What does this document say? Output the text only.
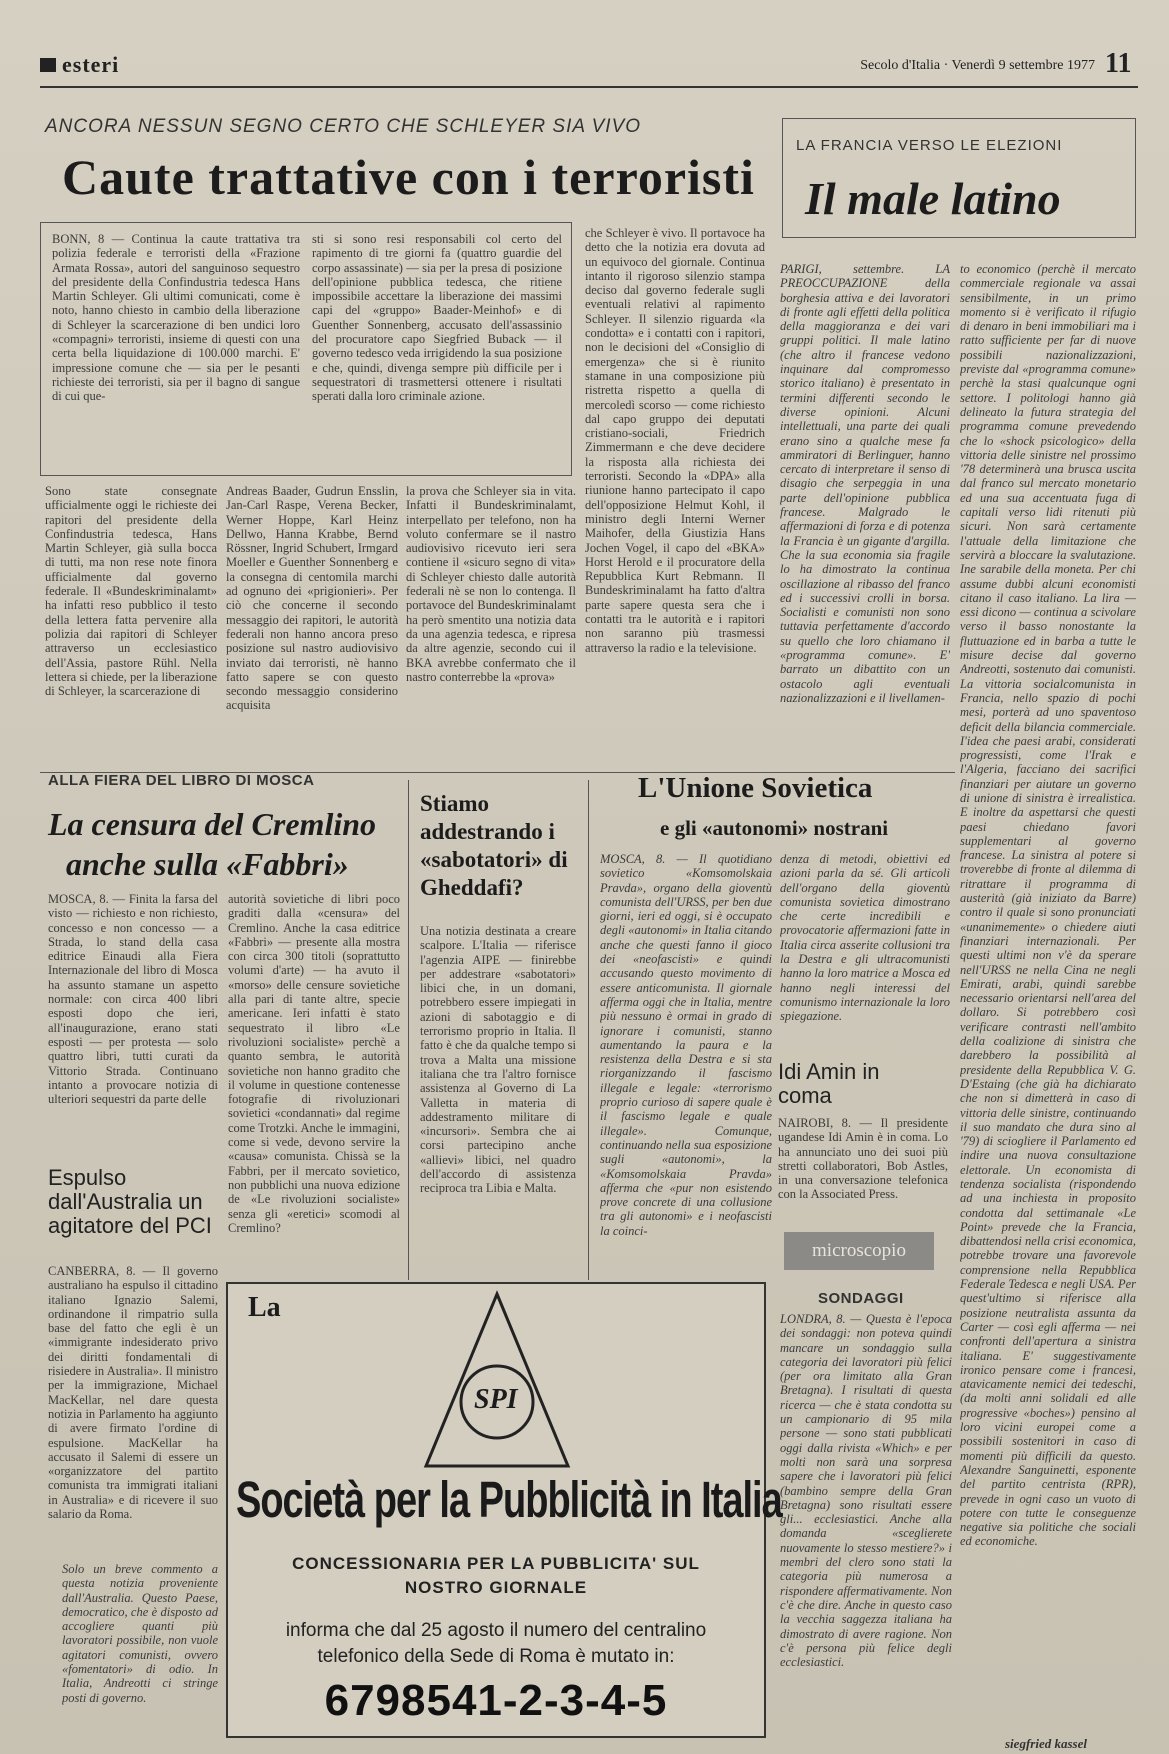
esteri	Secolo d'Italia · Venerdì 9 settembre 1977 11
ANCORA NESSUN SEGNO CERTO CHE SCHLEYER SIA VIVO
Caute trattative con i terroristi
BONN, 8 — Continua la caute trattativa tra polizia federale e terroristi della «Frazione Armata Rossa», autori del sanguinoso sequestro del presidente della Confindustria tedesca Hans Martin Schleyer. Gli ultimi comunicati, come è noto, hanno chiesto in cambio della liberazione di Schleyer la scarcerazione di ben undici loro «compagni» terroristi, insieme di questi con una certa bella liquidazione di 100.000 marchi. E' impressione comune che — sia per le pesanti richieste dei terroristi, sia per il bagno di sangue di cui que-
sti si sono resi responsabili col certo del rapimento di tre giorni fa (quattro guardie del corpo assassinate) — sia per la presa di posizione dell'opinione pubblica tedesca, che ritiene impossibile accettare la liberazione dei massimi capi del «gruppo» Baader-Meinhof» e di Guenther Sonnenberg, accusato dell'assassinio del procuratore capo Siegfried Buback — il governo tedesco veda irrigidendo la sua posizione e che, quindi, divenga sempre più difficile per i sequestratori di trasmettersi ottenere i risultati sperati dalla loro criminale azione.
che Schleyer è vivo. Il portavoce ha detto che la notizia era dovuta ad un equivoco del giornale. Continua intanto il rigoroso silenzio stampa deciso dal governo federale sugli eventuali relativi al rapimento Schleyer. Il silenzio riguarda «la condotta» e i contatti con i rapitori, non le decisioni del «Consiglio di emergenza» che si è riunito stamane in una composizione più ristretta rispetto a quella di mercoledì scorso — come richiesto dal capo gruppo dei deputati cristiano-sociali, Friedrich Zimmermann e che deve decidere la risposta alla richiesta dei terroristi. Secondo la «DPA» alla riunione hanno partecipato il capo dell'opposizione Helmut Kohl, il ministro degli Interni Werner Maihofer, della Giustizia Hans Jochen Vogel, il capo del «BKA» Horst Herold e il procuratore della Repubblica Kurt Rebmann. Il Bundeskriminalamt ha fatto d'altra parte sapere questa sera che i contatti tra le autorità e i rapitori non saranno più trasmessi attraverso la radio e la televisione.
Sono state consegnate ufficialmente oggi le richieste dei rapitori del presidente della Confindustria tedesca, Hans Martin Schleyer, già sulla bocca di tutti, ma non rese note finora ufficialmente dal governo federale. Il «Bundeskriminalamt» ha infatti reso pubblico il testo della lettera fatta pervenire alla polizia dai rapitori di Schleyer attraverso un ecclesiastico dell'Assia, pastore Rühl. Nella lettera si chiede, per la liberazione di Schleyer, la scarcerazione di
Andreas Baader, Gudrun Ensslin, Jan-Carl Raspe, Verena Becker, Werner Hoppe, Karl Heinz Dellwo, Hanna Krabbe, Bernd Rössner, Ingrid Schubert, Irmgard Moeller e Guenther Sonnenberg e la consegna di centomila marchi ad ognuno dei «prigionieri». Per ciò che concerne il secondo messaggio dei rapitori, le autorità federali non hanno ancora preso posizione sul nastro audiovisivo inviato dai terroristi, nè hanno fatto sapere se con questo secondo messaggio considerino acquisita
la prova che Schleyer sia in vita. Infatti il Bundeskriminalamt, interpellato per telefono, non ha voluto confermare se il nastro audiovisivo ricevuto ieri sera contiene il «sicuro segno di vita» di Schleyer chiesto dalle autorità federali nè se non lo contenga. Il portavoce del Bundeskriminalamt ha però smentito una notizia data da una agenzia tedesca, e ripresa da altre agenzie, secondo cui il BKA avrebbe confermato che il nastro conterrebbe la «prova»
LA FRANCIA VERSO LE ELEZIONI
Il male latino
PARIGI, settembre. LA PREOCCUPAZIONE della borghesia attiva e dei lavoratori di fronte agli effetti della politica della maggioranza e dei vari gruppi politici. Il male latino (che altro il francese vedono inquinare dal compromesso storico italiano) è presentato in termini differenti secondo le diverse opinioni. Alcuni intellettuali, una parte dei quali erano sino a qualche mese fa ammiratori di Berlinguer, hanno cercato di interpretare il senso di disagio che serpeggia in una parte dell'opinione pubblica francese. Malgrado le affermazioni di forza e di potenza la Francia è un gigante d'argilla. Che la sua economia sia fragile lo ha dimostrato la continua oscillazione al ribasso del franco ed i successivi crolli in borsa. Socialisti e comunisti non sono tuttavia perfettamente d'accordo su quello che loro chiamano il «programma comune». E' barrato un dibattito con un ostacolo agli eventuali nazionalizzazioni e il livellamen-
to economico (perchè il mercato commerciale regionale va assai sensibilmente, in un primo momento si è verificato il rifugio di denaro in beni immobiliari ma i ratto sufficiente per far di nuove possibili nazionalizzazioni, previste dal «programma comune» perchè la stasi qualcunque ogni settore. I politologi hanno già delineato la futura strategia del programma comune prevedendo che lo «shock psicologico» della vittoria delle sinistre nel prossimo '78 determinerà una brusca uscita dal franco sul mercato monetario ed una sua accentuata fuga di capitali verso lidi ritenuti più sicuri. Non sarà certamente l'attuale della limitazione che servirà a bloccare la svalutazione. Ine sarabile della moneta. Per chi assume dubbi alcuni economisti citano il caso italiano. La lira — essi dicono — continua a scivolare verso il basso nonostante la fluttuazione ed in barba a tutte le misure decise dal governo Andreotti, sostenuto dai comunisti. La vittoria socialcomunista in Francia, nello spazio di pochi mesi, porterà ad uno spaventoso deficit della bilancia commerciale. I'idea che paesi arabi, considerati progressisti, come l'Irak e l'Algeria, facciano dei sacrifici finanziari per aiutare un governo di unione di sinistra è irrealistica. E inoltre da aspettarsi che questi paesi chiedano favori supplementari al governo francese. La sinistra al potere si troverebbe di fronte al dilemma di ritrattare il programma di austerità (già iniziato da Barre) contro il quale si sono pronunciati «unanimemente» o chiedere aiuti finanziari internazionali. Per questi ultimi non v'è da sperare nell'URSS ne nella Cina ne negli Emirati, arabi, quindi sarebbe necessario orientarsi nell'area del dollaro. Si potrebbero così verificare contrasti nell'ambito della coalizione di sinistra che darebbero la possibilità al presidente della Repubblica V. G. D'Estaing (che già ha dichiarato che non si dimetterà in caso di vittoria delle sinistre, continuando il suo mandato che dura sino al '79) di sciogliere il Parlamento ed indire una nuova consultazione elettorale. Un economista di tendenza socialista (rispondendo ad una inchiesta in proposito condotta dal settimanale «Le Point» prevede che la Francia, dibattendosi nella crisi economica, potrebbe trovare una favorevole comprensione nella Repubblica Federale Tedesca e negli USA. Per quest'ultimo si riferisce alla posizione neutralista assunta da Carter — così egli afferma — nei confronti dell'apertura a sinistra italiana. E' suggestivamente ironico pensare come i francesi, atavicamente nemici dei tedeschi, (da molti anni solidali ed alle progressive «boches») pensino al loro vicini europei come a possibili sostenitori in caso di momenti più difficili da questo. Alexandre Sanguinetti, esponente del partito centrista (RPR), prevede in ogni caso un vuoto di potere con tutte le conseguenze negative sia politiche che sociali ed economiche.
siegfried kassel
ALLA FIERA DEL LIBRO DI MOSCA
La censura del Cremlino
anche sulla «Fabbri»
MOSCA, 8. — Finita la farsa del visto — richiesto e non richiesto, concesso e non concesso — a Strada, lo stand della casa editrice Einaudi alla Fiera Internazionale del libro di Mosca ha assunto stamane un aspetto normale: con circa 400 libri esposti dopo che ieri, all'inaugurazione, erano stati esposti — per protesta — solo quattro libri, tutti curati da Vittorio Strada. Continuano intanto a provocare notizia di ulteriori sequestri da parte delle
autorità sovietiche di libri poco graditi dalla «censura» del Cremlino. Anche la casa editrice «Fabbri» — presente alla mostra con circa 300 titoli (soprattutto volumi d'arte) — ha avuto il «morso» delle censure sovietiche alla pari di tante altre, specie americane. Ieri infatti è stato sequestrato il libro «Le rivoluzioni socialiste» perchè a quanto sembra, le autorità sovietiche non hanno gradito che il volume in questione contenesse fotografie di rivoluzionari sovietici «condannati» dal regime come Trotzki. Anche le immagini, come si vede, devono servire la «causa» comunista. Chissà se la Fabbri, per il mercato sovietico, non pubblichi una nuova edizione de «Le rivoluzioni socialiste» senza gli «eretici» scomodi al Cremlino?
Espulso dall'Australia un agitatore del PCI
CANBERRA, 8. — Il governo australiano ha espulso il cittadino italiano Ignazio Salemi, ordinandone il rimpatrio sulla base del fatto che egli è un «immigrante indesiderato privo dei diritti fondamentali di risiedere in Australia». Il ministro per la immigrazione, Michael MacKellar, nel dare questa notizia in Parlamento ha aggiunto di avere firmato l'ordine di espulsione. MacKellar ha accusato il Salemi di essere un «organizzatore del partito comunista tra immigrati italiani in Australia» e di ricevere il suo salario da Roma.
Solo un breve commento a questa notizia proveniente dall'Australia. Questo Paese, democratico, che è disposto ad accogliere quanti più lavoratori possibile, non vuole agitatori comunisti, ovvero «fomentatori» di odio. In Italia, Andreotti ci stringe posti di governo.
Stiamo addestrando i «sabotatori» di Gheddafi?
Una notizia destinata a creare scalpore. L'Italia — riferisce l'agenzia AIPE — finirebbe per addestrare «sabotatori» libici che, in un domani, potrebbero essere impiegati in azioni di sabotaggio e di terrorismo proprio in Italia. Il fatto è che da qualche tempo si trova a Malta una missione italiana che tra l'altro fornisce assistenza al Governo di La Valletta in materia di addestramento militare di «incursori». Sembra che ai corsi partecipino anche «allievi» libici, nel quadro dell'accordo di assistenza reciproca tra Libia e Malta.
L'Unione Sovietica
e gli «autonomi» nostrani
MOSCA, 8. — Il quotidiano sovietico «Komsomolskaia Pravda», organo della gioventù comunista dell'URSS, per ben due giorni, ieri ed oggi, si è occupato degli «autonomi» in Italia citando anche che questi fanno il gioco dei «neofascisti» e quindi accusando questo movimento di essere anticomunista. Il giornale afferma oggi che in Italia, mentre più nessuno è ormai in grado di ignorare i comunisti, stanno aumentando la paura e la resistenza della Destra e si sta riorganizzando il fascismo illegale e legale: «terrorismo proprio curioso di sapere quale è il fascismo legale e quale illegale». Comunque, continuando nella sua esposizione sugli «autonomi», la «Komsomolskaia Pravda» afferma che «pur non esistendo prove concrete di una collusione tra gli autonomi» e i neofascisti la coinci-
denza di metodi, obiettivi ed azioni parla da sé. Gli articoli dell'organo della gioventù comunista sovietica dimostrano che certe incredibili e provocatorie affermazioni fatte in Italia circa asserite collusioni tra la Destra e gli ultracomunisti hanno la loro matrice a Mosca ed hanno negli interessi del comunismo internazionale la loro spiegazione.
Idi Amin in coma
NAIROBI, 8. — Il presidente ugandese Idi Amin è in coma. Lo ha annunciato uno dei suoi più stretti collaboratori, Bob Astles, in una conversazione telefonica con la Associated Press.
microscopio
SONDAGGI
LONDRA, 8. — Questa è l'epoca dei sondaggi: non poteva quindi mancare un sondaggio sulla categoria dei lavoratori più felici (per ora limitato alla Gran Bretagna). I risultati di questa ricerca — che è stata condotta su un campionario di 95 mila persone — sono stati pubblicati oggi dalla rivista «Which» e per molti non sarà una sorpresa sapere che i lavoratori più felici (bambino sempre della Gran Bretagna) sono risultati essere gli... ecclesiastici. Anche alla domanda «sceglierete nuovamente lo stesso mestiere?» i membri del clero sono stati la categoria più numerosa a rispondere affermativamente. Non c'è che dire. Anche in questo caso la vecchia saggezza italiana ha dimostrato di avere ragione. Non c'è persona più felice degli ecclesiastici.
La
SPI
Società per la Pubblicità in Italia
CONCESSIONARIA PER LA PUBBLICITA' SUL
NOSTRO GIORNALE
informa che dal 25 agosto il numero del centralino
telefonico della Sede di Roma è mutato in:
6798541-2-3-4-5
